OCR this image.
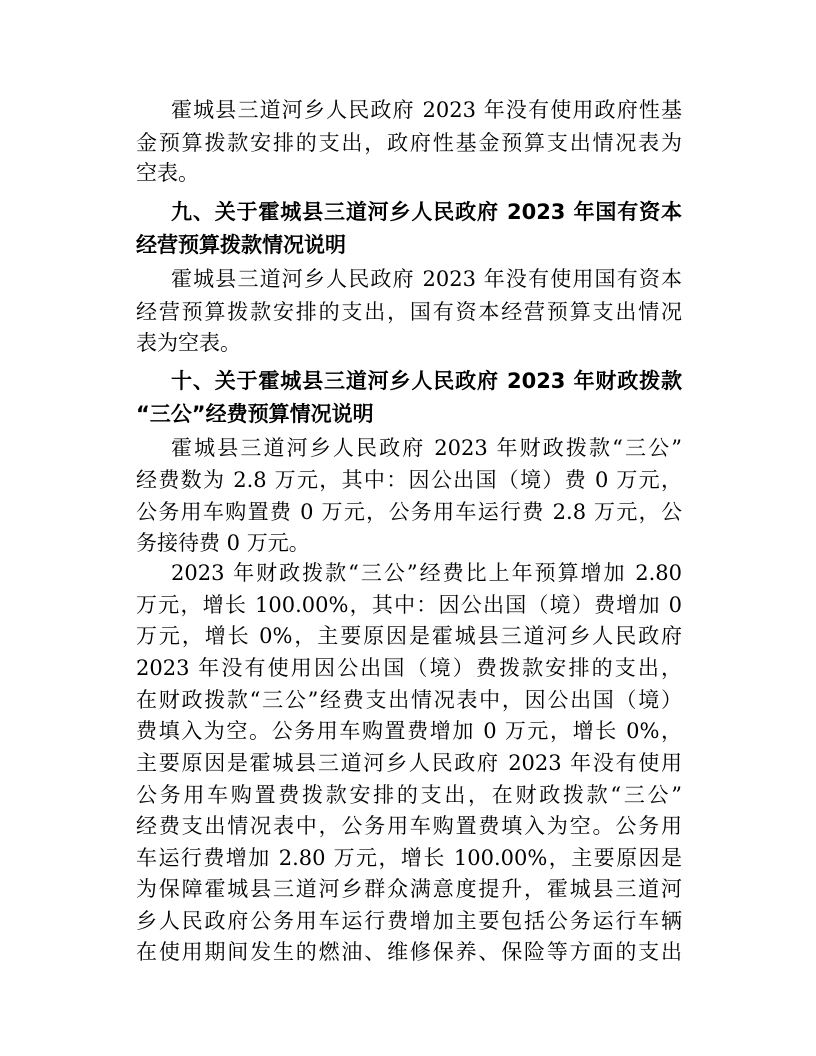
霍城县三道河乡人民政府 2023 年没有使用政府性基
金预算拨款安排的支出，政府性基金预算支出情况表为
空表。
九、关于霍城县三道河乡人民政府 2023 年国有资本
经营预算拨款情况说明
霍城县三道河乡人民政府 2023 年没有使用国有资本
经营预算拨款安排的支出，国有资本经营预算支出情况
表为空表。
十、关于霍城县三道河乡人民政府 2023 年财政拨款
“三公”经费预算情况说明
霍城县三道河乡人民政府 2023 年财政拨款“三公”
经费数为 2.8 万元，其中：因公出国（境）费 0 万元，
公务用车购置费 0 万元，公务用车运行费 2.8 万元，公
务接待费 0 万元。
2023 年财政拨款“三公”经费比上年预算增加 2.80
万元，增长 100.00%，其中：因公出国（境）费增加 0
万元，增长 0%，主要原因是霍城县三道河乡人民政府
2023 年没有使用因公出国（境）费拨款安排的支出，
在财政拨款“三公”经费支出情况表中，因公出国（境）
费填入为空。公务用车购置费增加 0 万元，增长 0%，
主要原因是霍城县三道河乡人民政府 2023 年没有使用
公务用车购置费拨款安排的支出，在财政拨款“三公”
经费支出情况表中，公务用车购置费填入为空。公务用
车运行费增加 2.80 万元，增长 100.00%，主要原因是
为保障霍城县三道河乡群众满意度提升，霍城县三道河
乡人民政府公务用车运行费增加主要包括公务运行车辆
在使用期间发生的燃油、维修保养、保险等方面的支出
